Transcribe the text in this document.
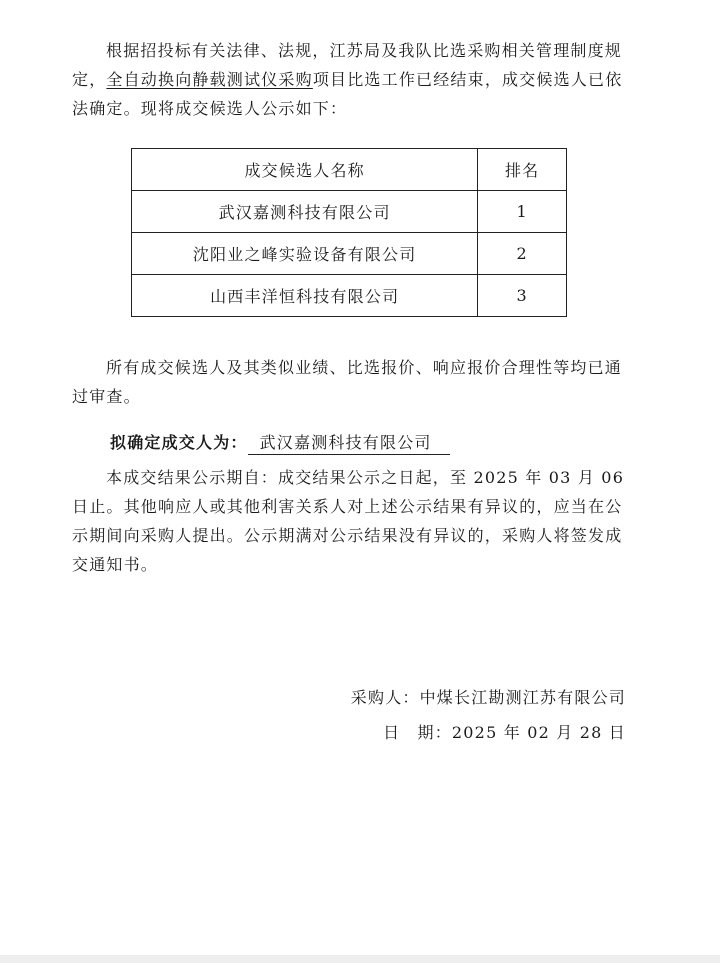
根据招投标有关法律、法规，江苏局及我队比选采购相关管理制度规定，全自动换向静载测试仪采购项目比选工作已经结束，成交候选人已依法确定。现将成交候选人公示如下：

成交候选人名称	排名
武汉嘉测科技有限公司	1
沈阳业之峰实验设备有限公司	2
山西丰洋恒科技有限公司	3

所有成交候选人及其类似业绩、比选报价、响应报价合理性等均已通过审查。

拟确定成交人为： 武汉嘉测科技有限公司

本成交结果公示期自：成交结果公示之日起，至 2025 年 03 月 06 日止。其他响应人或其他利害关系人对上述公示结果有异议的，应当在公示期间向采购人提出。公示期满对公示结果没有异议的，采购人将签发成交通知书。

采购人：中煤长江勘测江苏有限公司
日　期：2025 年 02 月 28 日
